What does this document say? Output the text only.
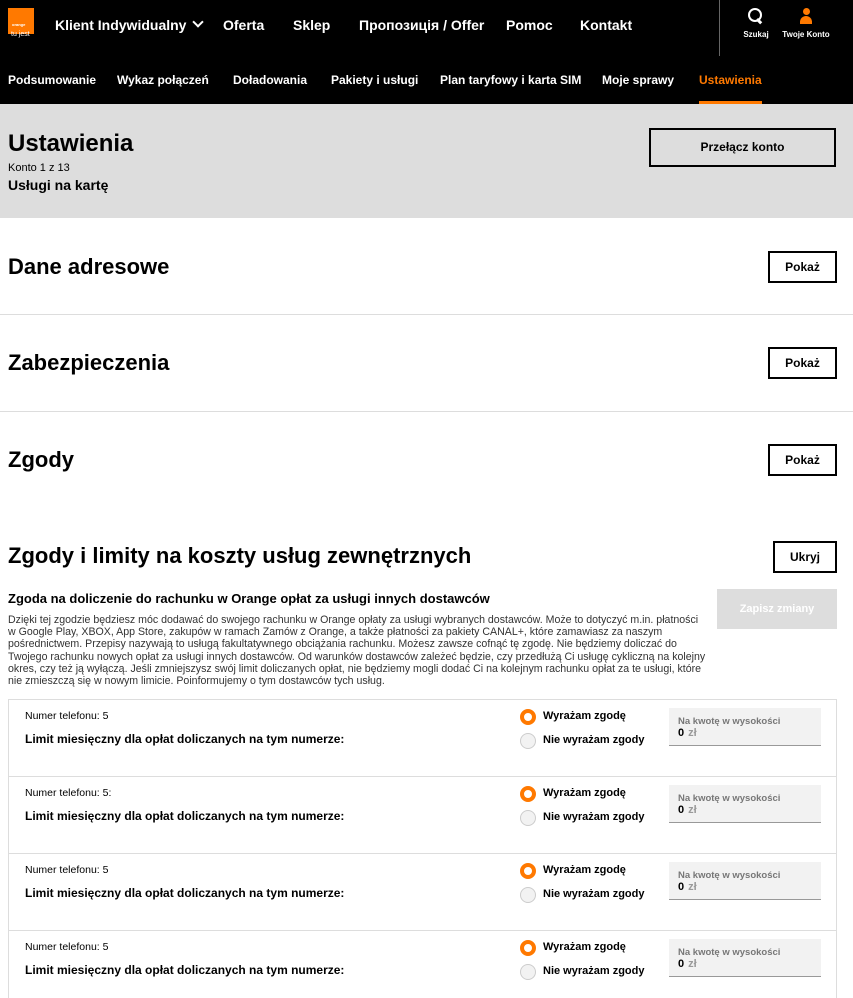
orange
tu jest
Klient Indywidualny	Oferta Sklep Пропозиція / Offer Pomoc Kontakt
Szukaj Twoje Konto
Podsumowanie Wykaz połączeń Doładowania Pakiety i usługi Plan taryfowy i karta SIM Moje sprawy Ustawienia
Ustawienia
Konto 1 z 13
Usługi na kartę
Przełącz konto
Dane adresowe	Pokaż
Zabezpieczenia	Pokaż
Zgody	Pokaż
Zgody i limity na koszty usług zewnętrznych	Ukryj
Zgoda na doliczenie do rachunku w Orange opłat za usługi innych dostawców
Zapisz zmiany

Dzięki tej zgodzie będziesz móc dodawać do swojego rachunku w Orange opłaty za usługi wybranych dostawców. Może to dotyczyć m.in. płatności w Google Play, XBOX, App Store, zakupów w ramach Zamów z Orange, a także płatności za pakiety CANAL+, które zamawiasz za naszym pośrednictwem. Przepisy nazywają to usługą fakultatywnego obciążania rachunku. Możesz zawsze cofnąć tę zgodę. Nie będziemy doliczać do Twojego rachunku nowych opłat za usługi innych dostawców. Od warunków dostawców zależeć będzie, czy przedłużą Ci usługę cykliczną na kolejny okres, czy też ją wyłączą. Jeśli zmniejszysz swój limit doliczanych opłat, nie będziemy mogli dodać Ci na kolejnym rachunku opłat za te usługi, które nie zmieszczą się w nowym limicie. Poinformujemy o tym dostawców tych usług.

Numer telefonu: 5
Limit miesięczny dla opłat doliczanych na tym numerze:
Wyrażam zgodę
Nie wyrażam zgody
Na kwotę w wysokości
0 zł
Numer telefonu: 5:
Limit miesięczny dla opłat doliczanych na tym numerze:
Wyrażam zgodę
Nie wyrażam zgody
Na kwotę w wysokości
0 zł
Numer telefonu: 5
Limit miesięczny dla opłat doliczanych na tym numerze:
Wyrażam zgodę
Nie wyrażam zgody
Na kwotę w wysokości
0 zł
Numer telefonu: 5
Limit miesięczny dla opłat doliczanych na tym numerze:
Wyrażam zgodę
Nie wyrażam zgody
Na kwotę w wysokości
0 zł
